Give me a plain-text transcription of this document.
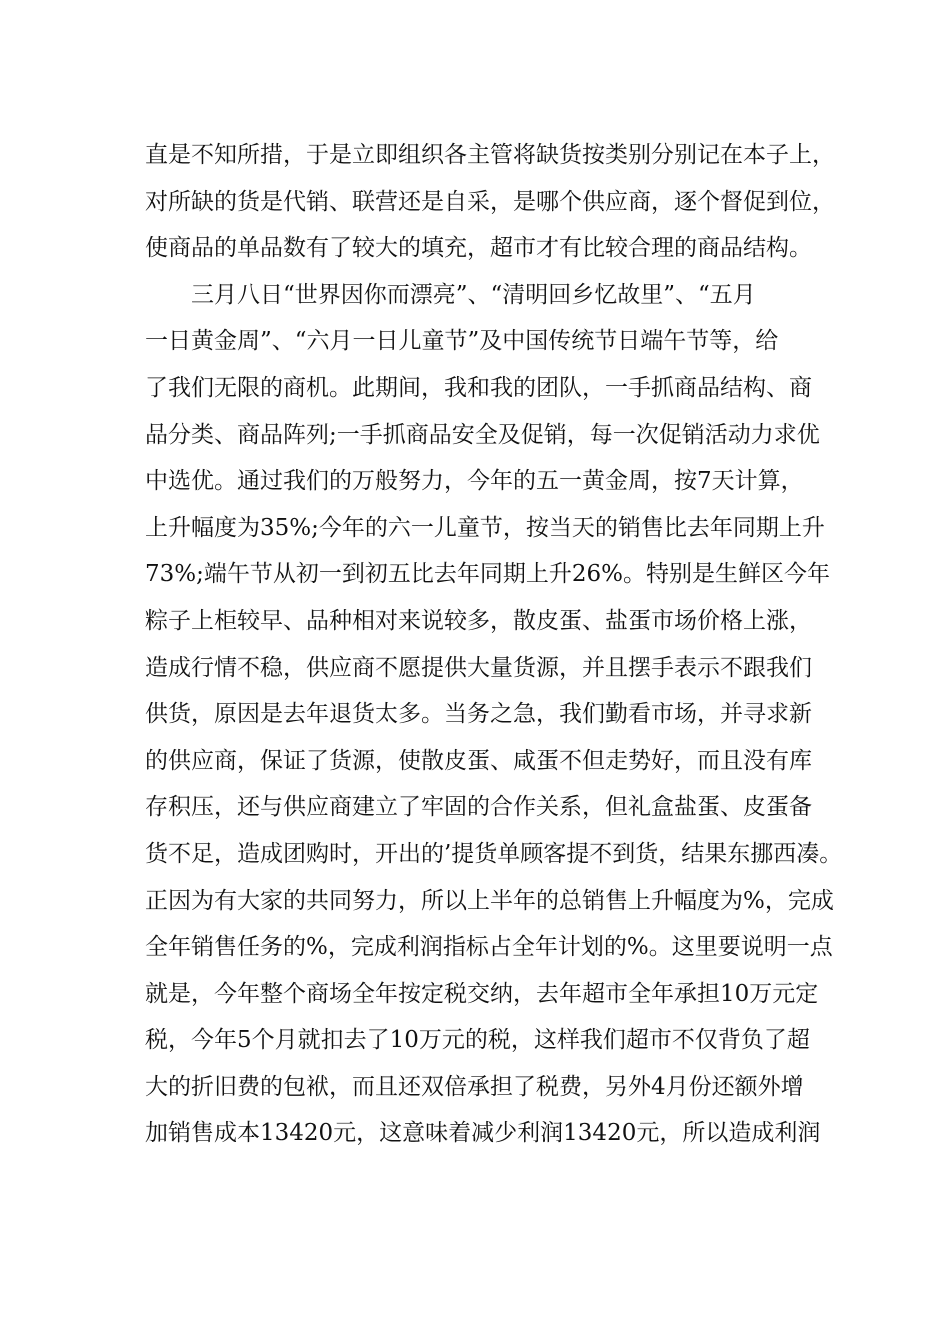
直是不知所措，于是立即组织各主管将缺货按类别分别记在本子上，
对所缺的货是代销、联营还是自采，是哪个供应商，逐个督促到位，
使商品的单品数有了较大的填充，超市才有比较合理的商品结构。
三月八日“世界因你而漂亮”、“清明回乡忆故里”、“五月
一日黄金周”、“六月一日儿童节”及中国传统节日端午节等，给
了我们无限的商机。此期间，我和我的团队，一手抓商品结构、商
品分类、商品阵列;一手抓商品安全及促销，每一次促销活动力求优
中选优。通过我们的万般努力，今年的五一黄金周，按7天计算，
上升幅度为35%;今年的六一儿童节，按当天的销售比去年同期上升
73%;端午节从初一到初五比去年同期上升26%。特别是生鲜区今年
粽子上柜较早、品种相对来说较多，散皮蛋、盐蛋市场价格上涨，
造成行情不稳，供应商不愿提供大量货源，并且摆手表示不跟我们
供货，原因是去年退货太多。当务之急，我们勤看市场，并寻求新
的供应商，保证了货源，使散皮蛋、咸蛋不但走势好，而且没有库
存积压，还与供应商建立了牢固的合作关系，但礼盒盐蛋、皮蛋备
货不足，造成团购时，开出的’提货单顾客提不到货，结果东挪西凑。
正因为有大家的共同努力，所以上半年的总销售上升幅度为%，完成
全年销售任务的%，完成利润指标占全年计划的%。这里要说明一点
就是，今年整个商场全年按定税交纳，去年超市全年承担10万元定
税，今年5个月就扣去了10万元的税，这样我们超市不仅背负了超
大的折旧费的包袱，而且还双倍承担了税费，另外4月份还额外增
加销售成本13420元，这意味着减少利润13420元，所以造成利润
